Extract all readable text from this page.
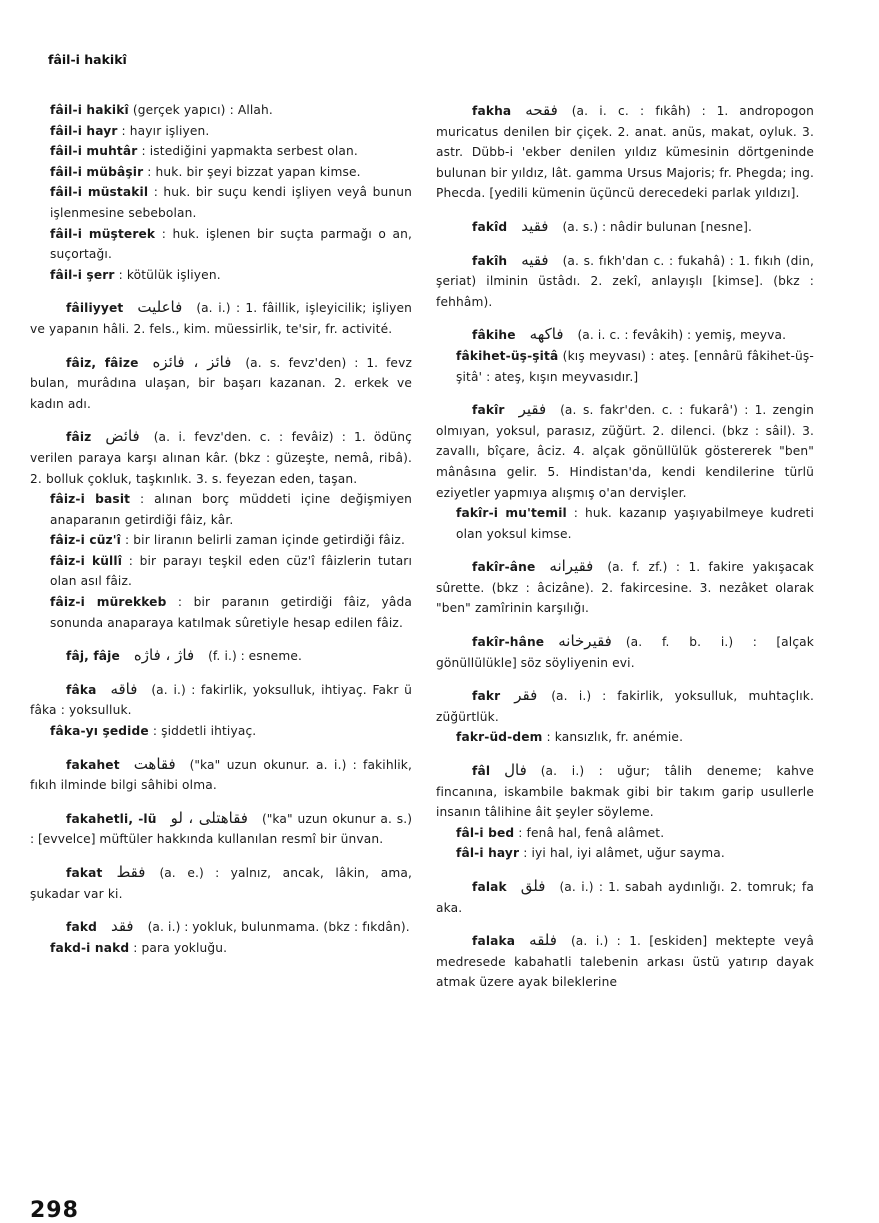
fâil-i hakikî

fâil-i hakikî (gerçek yapıcı) : Allah.

fâil-i hayr : hayır işliyen.

fâil-i muhtâr : istediğini yapmakta serbest olan.

fâil-i mübâşir : huk. bir şeyi bizzat yapan kimse.

fâil-i müstakil : huk. bir suçu kendi işliyen veyâ bunun işlenmesine sebebolan.

fâil-i müşterek : huk. işlenen bir suçta parmağı o an, suçortağı.

fâil-i şerr : kötülük işliyen.

fâiliyyet فاعليت (a. i.) : 1. fâillik, işleyicilik; işliyen ve yapanın hâli. 2. fels., kim. müessirlik, te'sir, fr. activité.

fâiz, fâize فائز ، فائزه (a. s. fevz'den) : 1. fevz bulan, murâdına ulaşan, bir başarı kazanan. 2. erkek ve kadın adı.

fâiz فائض (a. i. fevz'den. c. : fevâiz) : 1. ödünç verilen paraya karşı alınan kâr. (bkz : güzeşte, nemâ, ribâ). 2. bolluk çokluk, taşkınlık. 3. s. feyezan eden, taşan.

fâiz-i basit : alınan borç müddeti içine değişmiyen anaparanın getirdiği fâiz, kâr.

fâiz-i cüz'î : bir liranın belirli zaman içinde getirdiği fâiz.

fâiz-i küllî : bir parayı teşkil eden cüz'î fâizlerin tutarı olan asıl fâiz.

fâiz-i mürekkeb : bir paranın getirdiği fâiz, yâda sonunda anaparaya katılmak sûretiyle hesap edilen fâiz.

fâj, fâje فاژ ، فاژه (f. i.) : esneme.

fâka فاقه (a. i.) : fakirlik, yoksulluk, ihtiyaç. Fakr ü fâka : yoksulluk.

fâka-yı şedide : şiddetli ihtiyaç.

fakahet فقاهت ("ka" uzun okunur. a. i.) : fakihlik, fıkıh ilminde bilgi sâhibi olma.

fakahetli, -lü فقاهتلى ، لو ("ka" uzun okunur a. s.) : [evvelce] müftüler hakkında kullanılan resmî bir ünvan.

fakat فقط (a. e.) : yalnız, ancak, lâkin, ama, şukadar var ki.

fakd فقد (a. i.) : yokluk, bulunmama. (bkz : fıkdân).

fakd-i nakd : para yokluğu.

fakha فقحه (a. i. c. : fıkâh) : 1. andropogon muricatus denilen bir çiçek. 2. anat. anüs, makat, oyluk. 3. astr. Dübb-i 'ekber denilen yıldız kümesinin dörtgeninde bulunan bir yıldız, lât. gamma Ursus Majoris; fr. Phegda; ing. Phecda. [yedili kümenin üçüncü derecedeki parlak yıldızı].

fakîd فقيد (a. s.) : nâdir bulunan [nesne].

fakîh فقيه (a. s. fıkh'dan c. : fukahâ) : 1. fıkıh (din, şeriat) ilminin üstâdı. 2. zekî, anlayışlı [kimse]. (bkz : fehhâm).

fâkihe فاكهه (a. i. c. : fevâkih) : yemiş, meyva.

fâkihet-üş-şitâ (kış meyvası) : ateş. [ennârü fâkihet-üş-şitâ' : ateş, kışın meyvasıdır.]

fakîr فقير (a. s. fakr'den. c. : fukarâ') : 1. zengin olmıyan, yoksul, parasız, züğürt. 2. dilenci. (bkz : sâil). 3. zavallı, bîçare, âciz. 4. alçak gönüllülük göstererek "ben" mânâsına gelir. 5. Hindistan'da, kendi kendilerine türlü eziyetler yapmıya alışmış o'an dervişler.

fakîr-i mu'temil : huk. kazanıp yaşıyabilmeye kudreti olan yoksul kimse.

fakîr-âne فقيرانه (a. f. zf.) : 1. fakire yakışacak sûrette. (bkz : âcizâne). 2. fakircesine. 3. nezâket olarak "ben" zamîrinin karşılığı.

fakîr-hâne فقيرخانه (a. f. b. i.) : [alçak gönüllülükle] söz söyliyenin evi.

fakr فقر (a. i.) : fakirlik, yoksulluk, muhtaçlık. züğürtlük.

fakr-üd-dem : kansızlık, fr. anémie.

fâl فال (a. i.) : uğur; tâlih deneme; kahve fincanına, iskambile bakmak gibi bir takım garip usullerle insanın tâlihine âit şeyler söyleme.

fâl-i bed : fenâ hal, fenâ alâmet.

fâl-i hayr : iyi hal, iyi alâmet, uğur sayma.

falak فلق (a. i.) : 1. sabah aydınlığı. 2. tomruk; fa aka.

falaka فلقه (a. i.) : 1. [eskiden] mektepte veyâ medresede kabahatli talebenin arkası üstü yatırıp dayak atmak üzere ayak bileklerine

298
